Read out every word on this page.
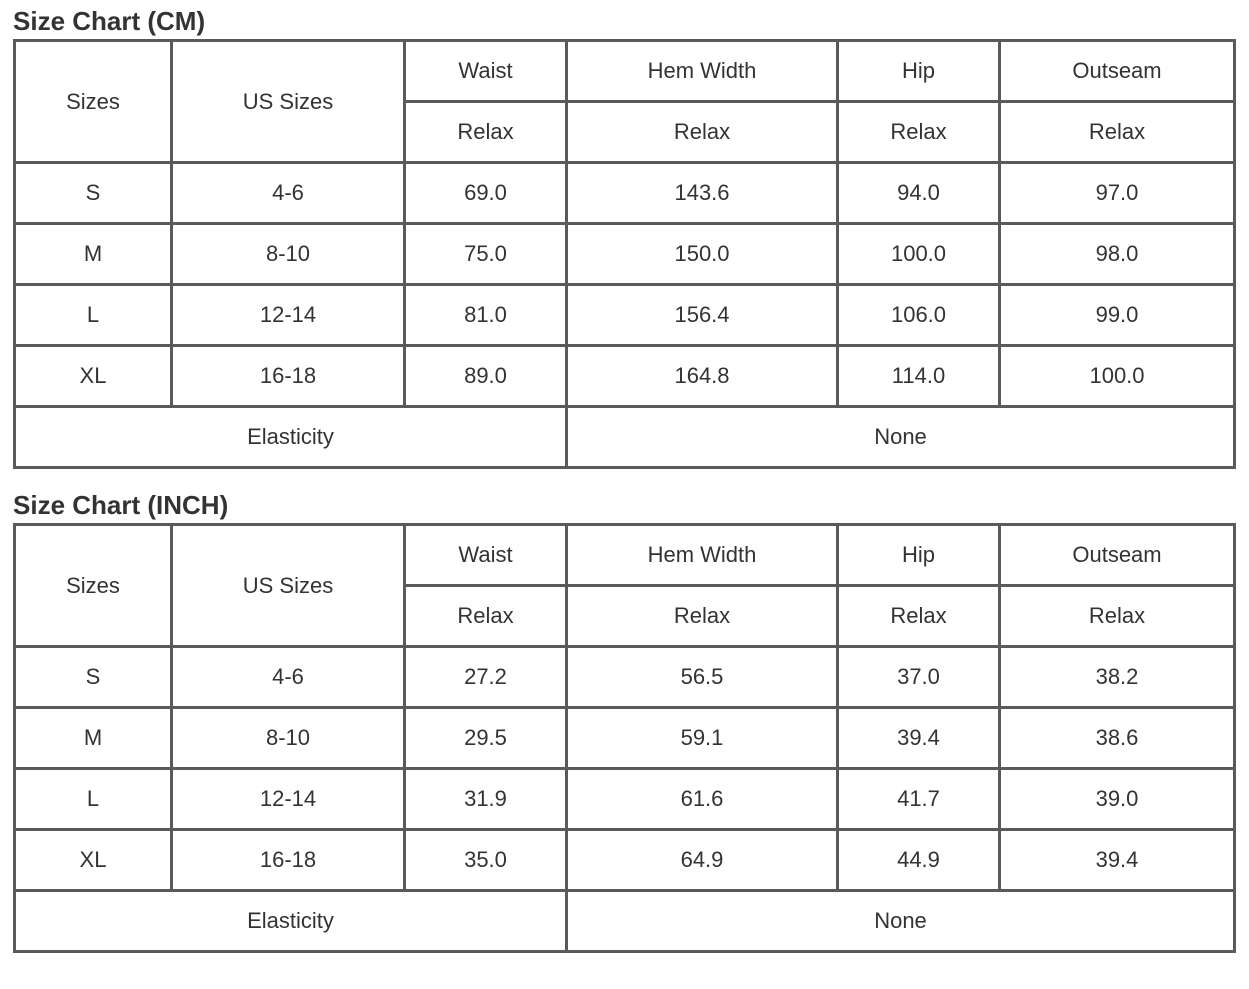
Size Chart (CM)
Sizes	US Sizes	Waist	Hem Width	Hip	Outseam
		Relax	Relax	Relax	Relax
S	4-6	69.0	143.6	94.0	97.0
M	8-10	75.0	150.0	100.0	98.0
L	12-14	81.0	156.4	106.0	99.0
XL	16-18	89.0	164.8	114.0	100.0
Elasticity			None		
Size Chart (INCH)
Sizes	US Sizes	Waist	Hem Width	Hip	Outseam
		Relax	Relax	Relax	Relax
S	4-6	27.2	56.5	37.0	38.2
M	8-10	29.5	59.1	39.4	38.6
L	12-14	31.9	61.6	41.7	39.0
XL	16-18	35.0	64.9	44.9	39.4
Elasticity			None		
